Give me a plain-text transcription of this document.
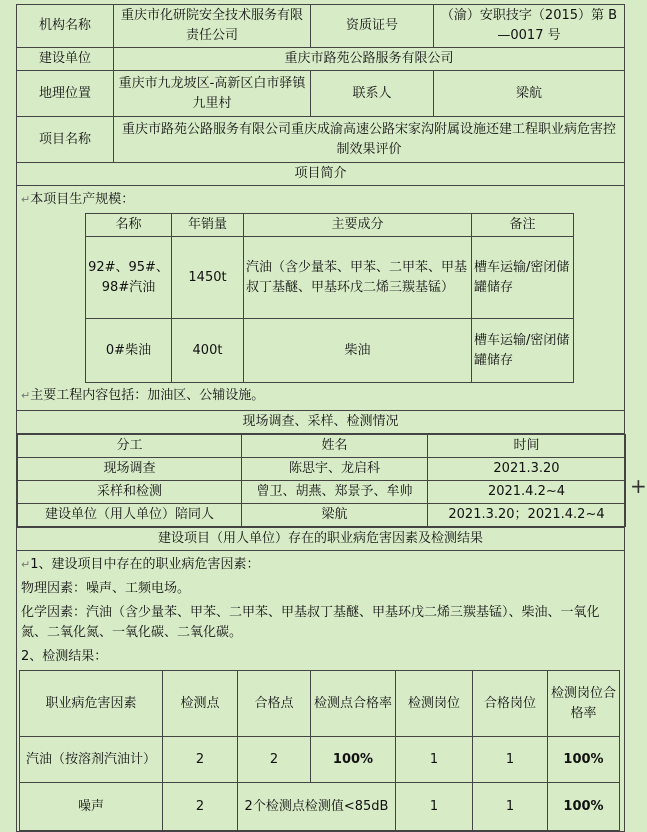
机构名称	重庆市化研院安全技术服务有限责任公司	资质证号	（渝）安职技字（2015）第 B—0017 号
建设单位	重庆市路苑公路服务有限公司
地理位置	重庆市九龙坡区-高新区白市驿镇九里村	联系人	梁航
项目名称	重庆市路苑公路服务有限公司重庆成渝高速公路宋家沟附属设施还建工程职业病危害控制效果评价
项目简介

↵本项目生产规模：
名称	年销量	主要成分	备注
92#、95#、98#汽油	1450t	汽油（含少量苯、甲苯、二甲苯、甲基叔丁基醚、甲基环戊二烯三羰基锰）	槽车运输/密闭储罐储存
0#柴油	400t	柴油	槽车运输/密闭储罐储存
↵主要工程内容包括：加油区、公辅设施。

现场调查、采样、检测情况

分工	姓名	时间
现场调查	陈思宇、龙启科	2021.3.20
采样和检测	曾卫、胡燕、郑景予、牟帅	2021.4.2~4
建设单位（用人单位）陪同人	梁航	2021.3.20；2021.4.2~4

建设项目（用人单位）存在的职业病危害因素及检测结果

↵1、建设项目中存在的职业病危害因素：
物理因素：噪声、工频电场。
化学因素：汽油（含少量苯、甲苯、二甲苯、甲基叔丁基醚、甲基环戊二烯三羰基锰）、柴油、一氧化氮、二氧化氮、一氧化碳、二氧化碳。
2、检测结果：
职业病危害因素	检测点	合格点	检测点合格率	检测岗位	合格岗位	检测岗位合格率
汽油（按溶剂汽油计）	2	2	100%	1	1	100%
噪声	2	2个检测点检测值<85dB	1	1	100%
+
